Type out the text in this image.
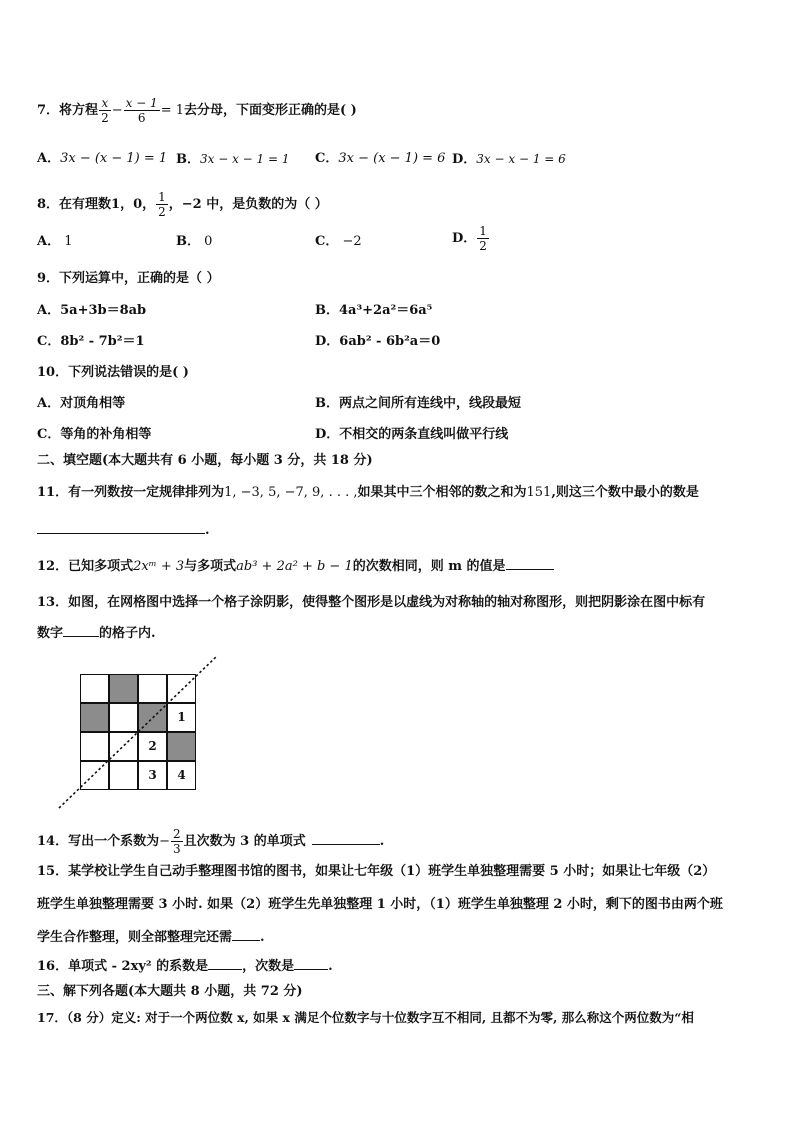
7．将方程 $\frac{x}{2} - \frac{x - 1}{6} = 1$去分母，下面变形正确的是( )
A．3x − (x − 1) = 1 B．3x − x − 1 = 1 C．3x − (x − 1) = 6 D．3x − x − 1 = 6
8．在有理数1，0， $\frac{1}{2}$ ，−2 中，是负数的为（ ）
A． 1	B． 0	C． −2	D． $\frac{1}{2}$
9．下列运算中，正确的是（ ）
A．5a+3b＝8ab	B．4a³+2a²＝6a⁵
C．8b² - 7b²＝1	D．6ab² - 6b²a＝0
10．下列说法错误的是( )
A．对顶角相等	B．两点之间所有连线中，线段最短
C．等角的补角相等	D．不相交的两条直线叫做平行线
二、填空题(本大题共有 6 小题，每小题 3 分，共 18 分)
11．有一列数按一定规律排列为1, −3, 5, −7, 9, . . . ,如果其中三个相邻的数之和为151,则这三个数中最小的数是
.
12．已知多项式2xᵐ + 3与多项式ab³ + 2a² + b − 1的次数相同，则 m 的值是
13．如图，在网格图中选择一个格子涂阴影，使得整个图形是以虚线为对称轴的轴对称图形，则把阴影涂在图中标有
数字	的格子内.
1
2
3	4
14．写出一个系数为− $\frac{2}{3}$ 且次数为 3 的单项式	.
15．某学校让学生自己动手整理图书馆的图书，如果让七年级（1）班学生单独整理需要 5 小时；如果让七年级（2）
班学生单独整理需要 3 小时. 如果（2）班学生先单独整理 1 小时，（1）班学生单独整理 2 小时，剩下的图书由两个班
学生合作整理，则全部整理完还需 .
16．单项式 - 2xy² 的系数是	，次数是	.
三、解下列各题(本大题共 8 小题，共 72 分)
17．（8 分）定义: 对于一个两位数 x, 如果 x 满足个位数字与十位数字互不相同, 且都不为零, 那么称这个两位数为“相
